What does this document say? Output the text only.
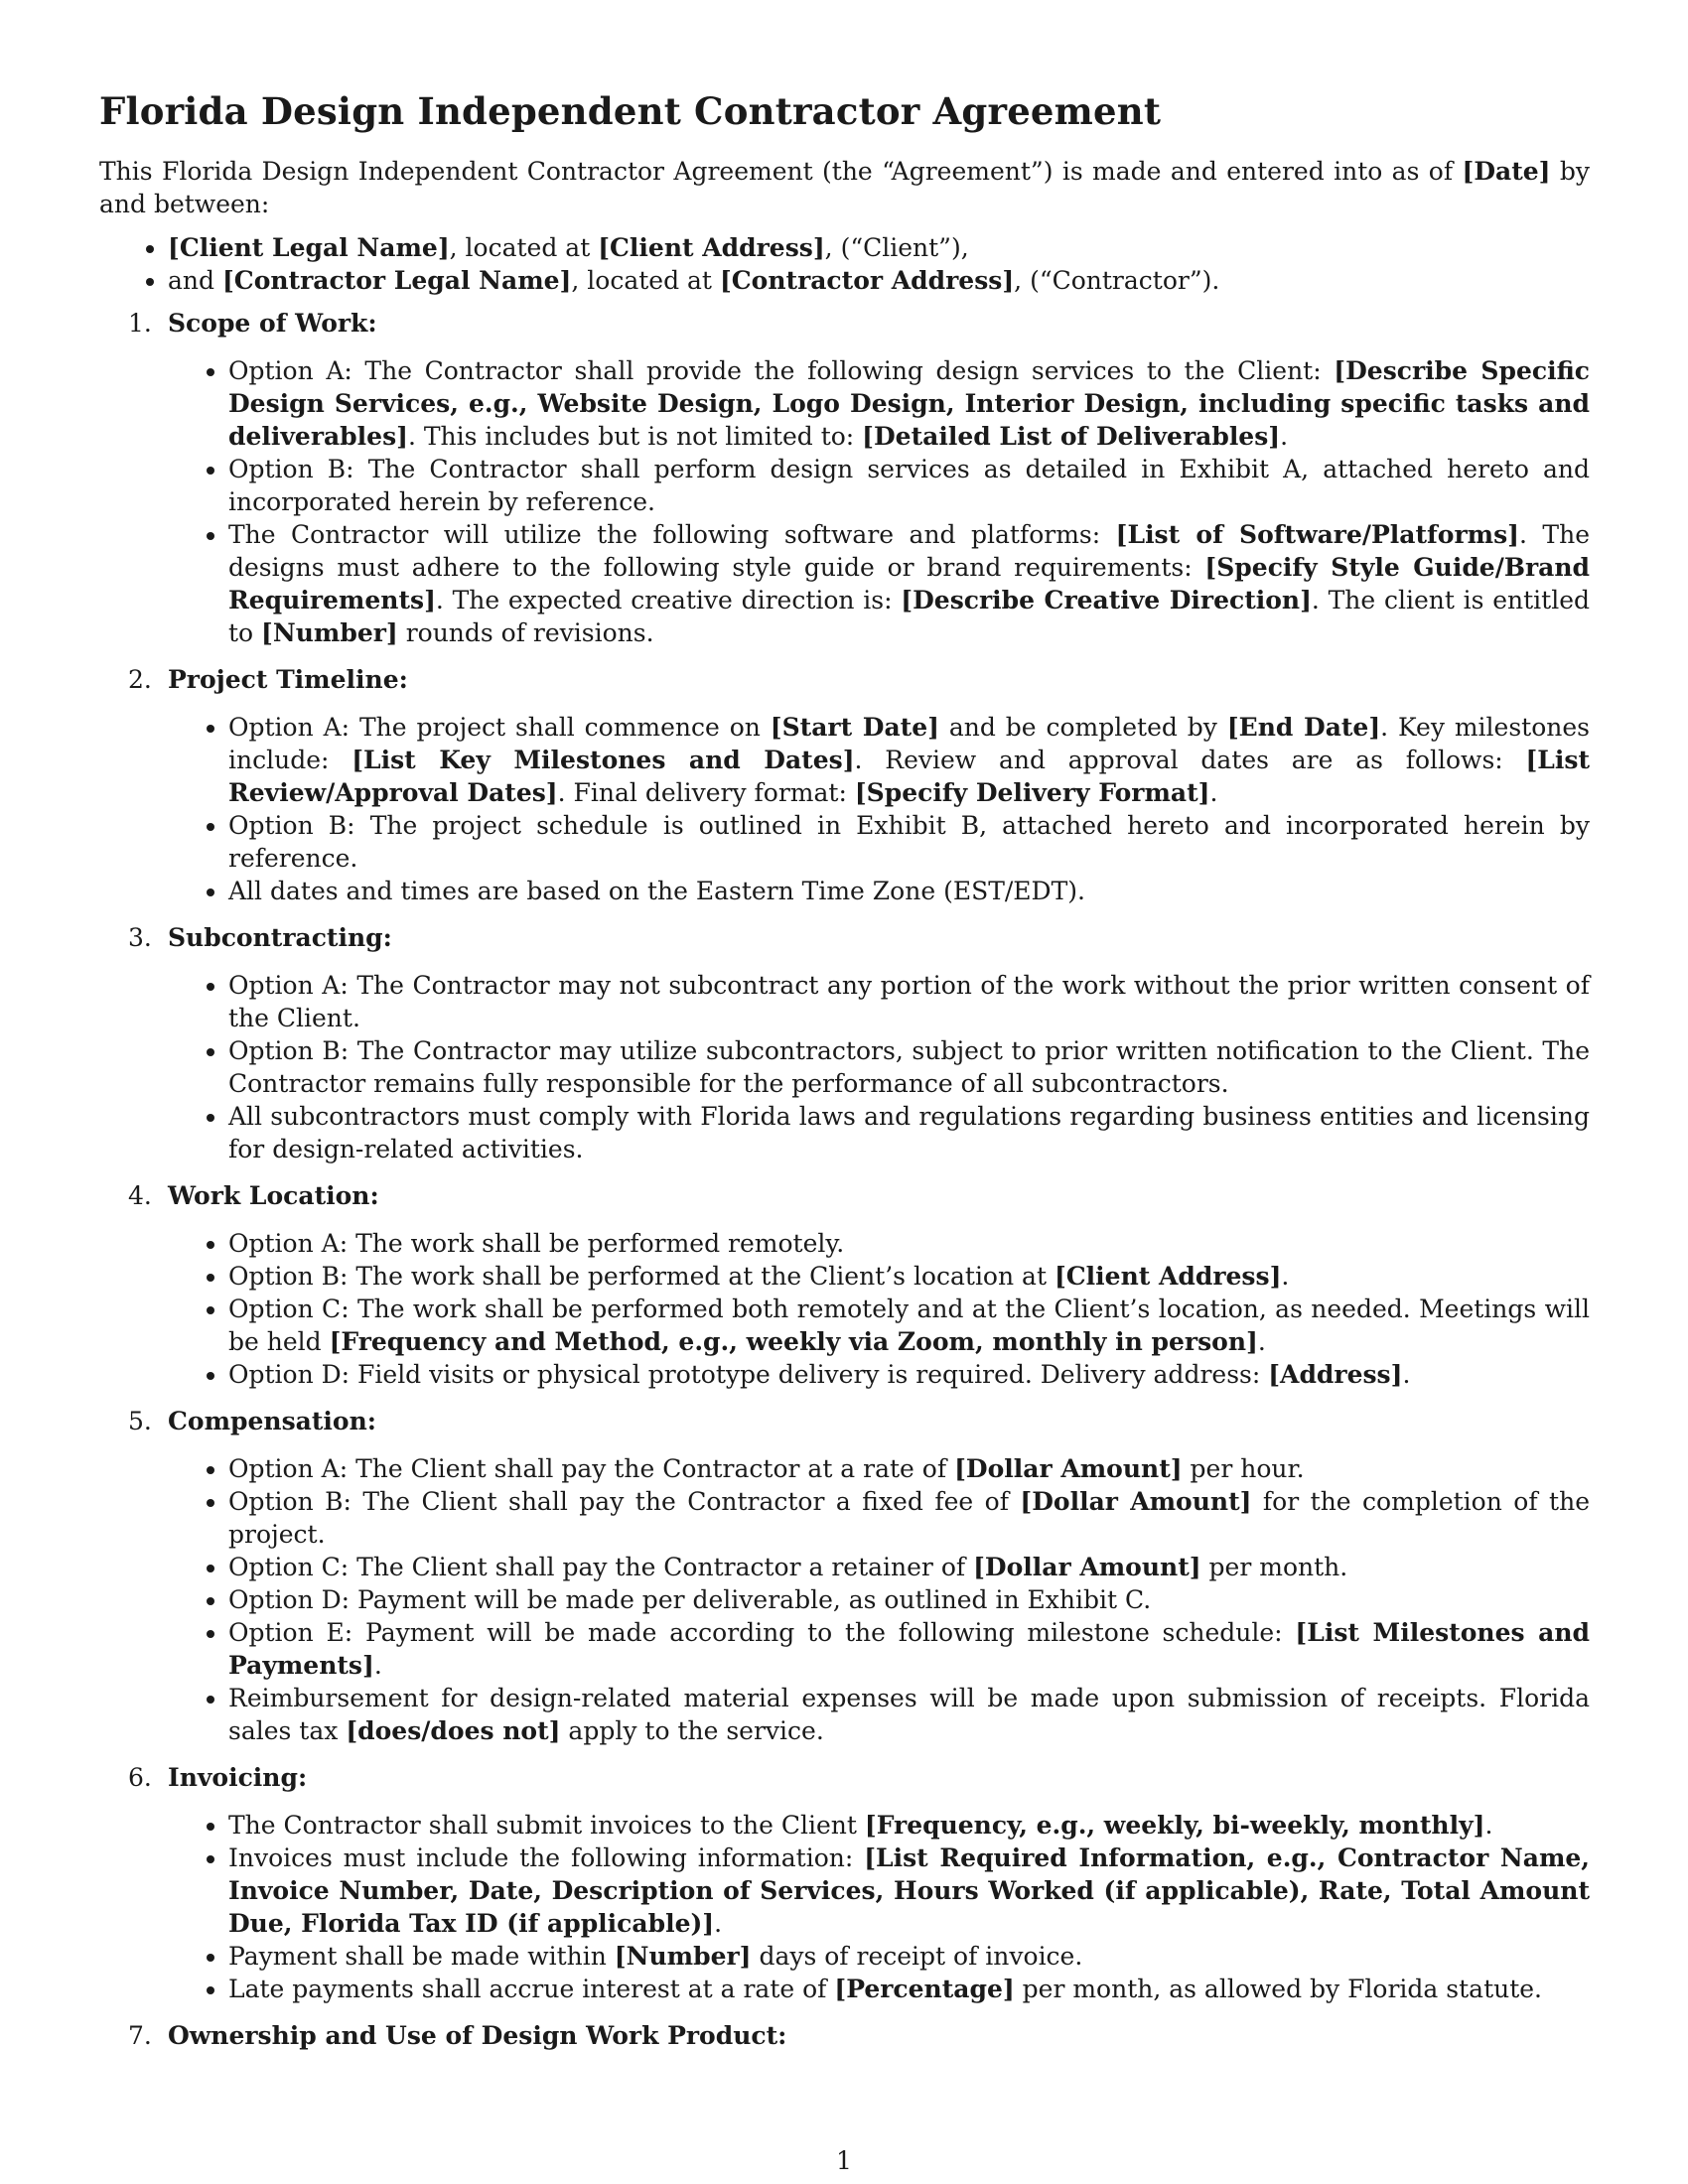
Florida Design Independent Contractor Agreement

This Florida Design Independent Contractor Agreement (the “Agreement”) is made and entered into as of [Date] by and between:

• [Client Legal Name], located at [Client Address], (“Client”),
• and [Contractor Legal Name], located at [Contractor Address], (“Contractor”).
1. Scope of Work:
• Option A: The Contractor shall provide the following design services to the Client: [Describe Specific Design Services, e.g., Website Design, Logo Design, Interior Design, including specific tasks and deliverables]. This includes but is not limited to: [Detailed List of Deliverables].
• Option B: The Contractor shall perform design services as detailed in Exhibit A, attached hereto and incorporated herein by reference.
• The Contractor will utilize the following software and platforms: [List of Software/Platforms]. The designs must adhere to the following style guide or brand requirements: [Specify Style Guide/Brand Requirements]. The expected creative direction is: [Describe Creative Direction]. The client is entitled to [Number] rounds of revisions.
2. Project Timeline:
• Option A: The project shall commence on [Start Date] and be completed by [End Date]. Key milestones include: [List Key Milestones and Dates]. Review and approval dates are as follows: [List Review/Approval Dates]. Final delivery format: [Specify Delivery Format].
• Option B: The project schedule is outlined in Exhibit B, attached hereto and incorporated herein by reference.
• All dates and times are based on the Eastern Time Zone (EST/EDT).
3. Subcontracting:
• Option A: The Contractor may not subcontract any portion of the work without the prior written consent of the Client.
• Option B: The Contractor may utilize subcontractors, subject to prior written notification to the Client. The Contractor remains fully responsible for the performance of all subcontractors.
• All subcontractors must comply with Florida laws and regulations regarding business entities and licensing for design-related activities.
4. Work Location:
• Option A: The work shall be performed remotely.
• Option B: The work shall be performed at the Client’s location at [Client Address].
• Option C: The work shall be performed both remotely and at the Client’s location, as needed. Meetings will be held [Frequency and Method, e.g., weekly via Zoom, monthly in person].
• Option D: Field visits or physical prototype delivery is required. Delivery address: [Address].
5. Compensation:
• Option A: The Client shall pay the Contractor at a rate of [Dollar Amount] per hour.
• Option B: The Client shall pay the Contractor a fixed fee of [Dollar Amount] for the completion of the project.
• Option C: The Client shall pay the Contractor a retainer of [Dollar Amount] per month.
• Option D: Payment will be made per deliverable, as outlined in Exhibit C.
• Option E: Payment will be made according to the following milestone schedule: [List Milestones and Payments].
• Reimbursement for design-related material expenses will be made upon submission of receipts. Florida sales tax [does/does not] apply to the service.
6. Invoicing:
• The Contractor shall submit invoices to the Client [Frequency, e.g., weekly, bi-weekly, monthly].
• Invoices must include the following information: [List Required Information, e.g., Contractor Name, Invoice Number, Date, Description of Services, Hours Worked (if applicable), Rate, Total Amount Due, Florida Tax ID (if applicable)].
• Payment shall be made within [Number] days of receipt of invoice.
• Late payments shall accrue interest at a rate of [Percentage] per month, as allowed by Florida statute.
7. Ownership and Use of Design Work Product:
1
